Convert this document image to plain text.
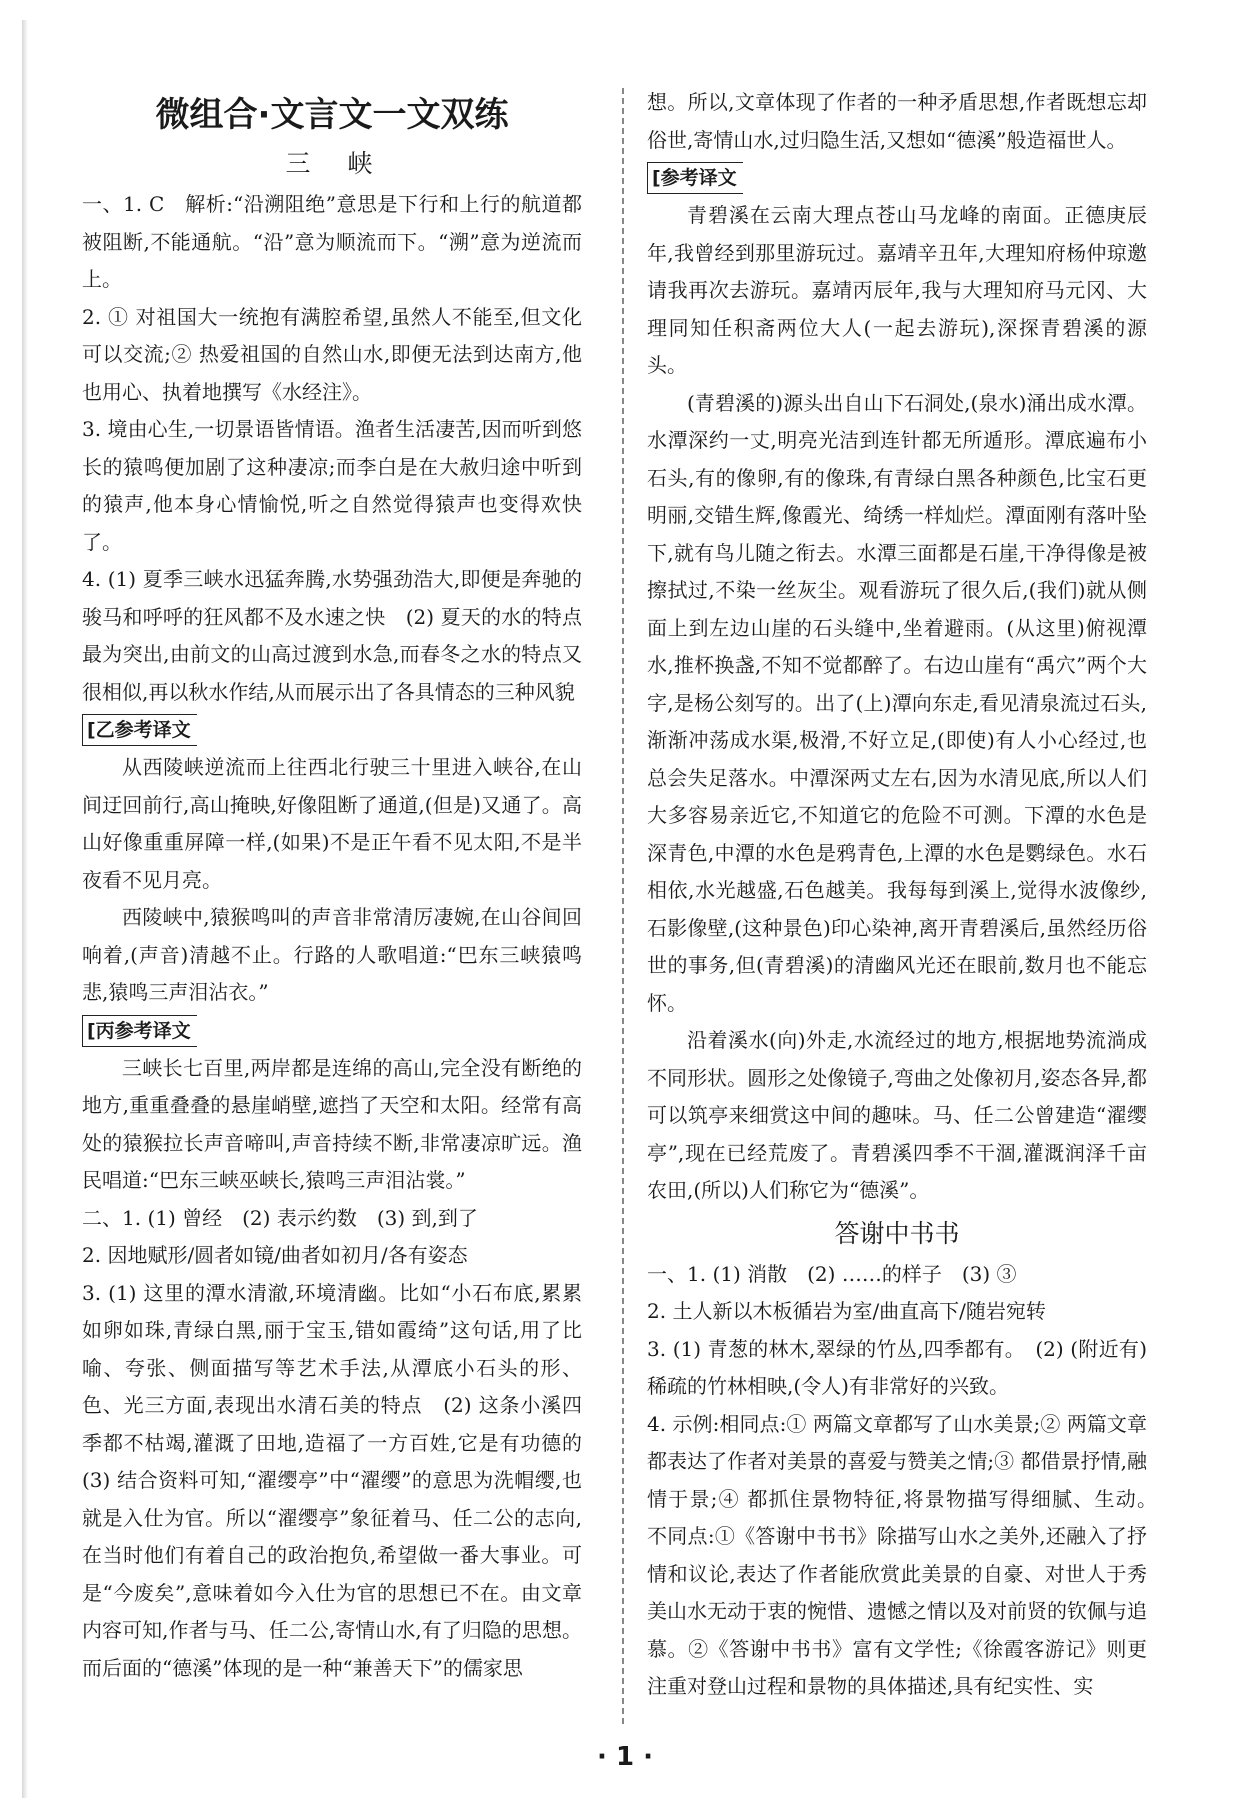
微组合·文言文一文双练
三　峡

一、1. C　解析:“沿溯阻绝”意思是下行和上行的航道都被阻断,不能通航。“沿”意为顺流而下。“溯”意为逆流而上。

2. ① 对祖国大一统抱有满腔希望,虽然人不能至,但文化可以交流;② 热爱祖国的自然山水,即便无法到达南方,他也用心、执着地撰写《水经注》。

3. 境由心生,一切景语皆情语。渔者生活凄苦,因而听到悠长的猿鸣便加剧了这种凄凉;而李白是在大赦归途中听到的猿声,他本身心情愉悦,听之自然觉得猿声也变得欢快了。

4. (1) 夏季三峡水迅猛奔腾,水势强劲浩大,即便是奔驰的骏马和呼呼的狂风都不及水速之快　(2) 夏天的水的特点最为突出,由前文的山高过渡到水急,而春冬之水的特点又很相似,再以秋水作结,从而展示出了各具情态的三种风貌

[乙参考译文

从西陵峡逆流而上往西北行驶三十里进入峡谷,在山间迂回前行,高山掩映,好像阻断了通道,(但是)又通了。高山好像重重屏障一样,(如果)不是正午看不见太阳,不是半夜看不见月亮。

西陵峡中,猿猴鸣叫的声音非常清厉凄婉,在山谷间回响着,(声音)清越不止。行路的人歌唱道:“巴东三峡猿鸣悲,猿鸣三声泪沾衣。”

[丙参考译文

三峡长七百里,两岸都是连绵的高山,完全没有断绝的地方,重重叠叠的悬崖峭壁,遮挡了天空和太阳。经常有高处的猿猴拉长声音啼叫,声音持续不断,非常凄凉旷远。渔民唱道:“巴东三峡巫峡长,猿鸣三声泪沾裳。”

二、1. (1) 曾经　(2) 表示约数　(3) 到,到了

2. 因地赋形/圆者如镜/曲者如初月/各有姿态

3. (1) 这里的潭水清澈,环境清幽。比如“小石布底,累累如卵如珠,青绿白黑,丽于宝玉,错如霞绮”这句话,用了比喻、夸张、侧面描写等艺术手法,从潭底小石头的形、色、光三方面,表现出水清石美的特点　(2) 这条小溪四季都不枯竭,灌溉了田地,造福了一方百姓,它是有功德的　(3) 结合资料可知,“濯缨亭”中“濯缨”的意思为洗帽缨,也就是入仕为官。所以“濯缨亭”象征着马、任二公的志向,在当时他们有着自己的政治抱负,希望做一番大事业。可是“今废矣”,意味着如今入仕为官的思想已不在。由文章内容可知,作者与马、任二公,寄情山水,有了归隐的思想。而后面的“德溪”体现的是一种“兼善天下”的儒家思

想。所以,文章体现了作者的一种矛盾思想,作者既想忘却俗世,寄情山水,过归隐生活,又想如“德溪”般造福世人。

[参考译文

青碧溪在云南大理点苍山马龙峰的南面。正德庚辰年,我曾经到那里游玩过。嘉靖辛丑年,大理知府杨仲琼邀请我再次去游玩。嘉靖丙辰年,我与大理知府马元冈、大理同知任积斋两位大人(一起去游玩),深探青碧溪的源头。

(青碧溪的)源头出自山下石洞处,(泉水)涌出成水潭。水潭深约一丈,明亮光洁到连针都无所遁形。潭底遍布小石头,有的像卵,有的像珠,有青绿白黑各种颜色,比宝石更明丽,交错生辉,像霞光、绮绣一样灿烂。潭面刚有落叶坠下,就有鸟儿随之衔去。水潭三面都是石崖,干净得像是被擦拭过,不染一丝灰尘。观看游玩了很久后,(我们)就从侧面上到左边山崖的石头缝中,坐着避雨。(从这里)俯视潭水,推杯换盏,不知不觉都醉了。右边山崖有“禹穴”两个大字,是杨公刻写的。出了(上)潭向东走,看见清泉流过石头,渐渐冲荡成水渠,极滑,不好立足,(即使)有人小心经过,也总会失足落水。中潭深两丈左右,因为水清见底,所以人们大多容易亲近它,不知道它的危险不可测。下潭的水色是深青色,中潭的水色是鸦青色,上潭的水色是鹦绿色。水石相依,水光越盛,石色越美。我每每到溪上,觉得水波像纱,石影像壁,(这种景色)印心染神,离开青碧溪后,虽然经历俗世的事务,但(青碧溪)的清幽风光还在眼前,数月也不能忘怀。

沿着溪水(向)外走,水流经过的地方,根据地势流淌成不同形状。圆形之处像镜子,弯曲之处像初月,姿态各异,都可以筑亭来细赏这中间的趣味。马、任二公曾建造“濯缨亭”,现在已经荒废了。青碧溪四季不干涸,灌溉润泽千亩农田,(所以)人们称它为“德溪”。

答谢中书书

一、1. (1) 消散　(2) ……的样子　(3) ③

2. 土人新以木板循岩为室/曲直高下/随岩宛转

3. (1) 青葱的林木,翠绿的竹丛,四季都有。　(2) (附近有)稀疏的竹林相映,(令人)有非常好的兴致。

4. 示例:相同点:① 两篇文章都写了山水美景;② 两篇文章都表达了作者对美景的喜爱与赞美之情;③ 都借景抒情,融情于景;④ 都抓住景物特征,将景物描写得细腻、生动。　不同点:①《答谢中书书》除描写山水之美外,还融入了抒情和议论,表达了作者能欣赏此美景的自豪、对世人于秀美山水无动于衷的惋惜、遗憾之情以及对前贤的钦佩与追慕。②《答谢中书书》富有文学性;《徐霞客游记》则更注重对登山过程和景物的具体描述,具有纪实性、实

· 1 ·
